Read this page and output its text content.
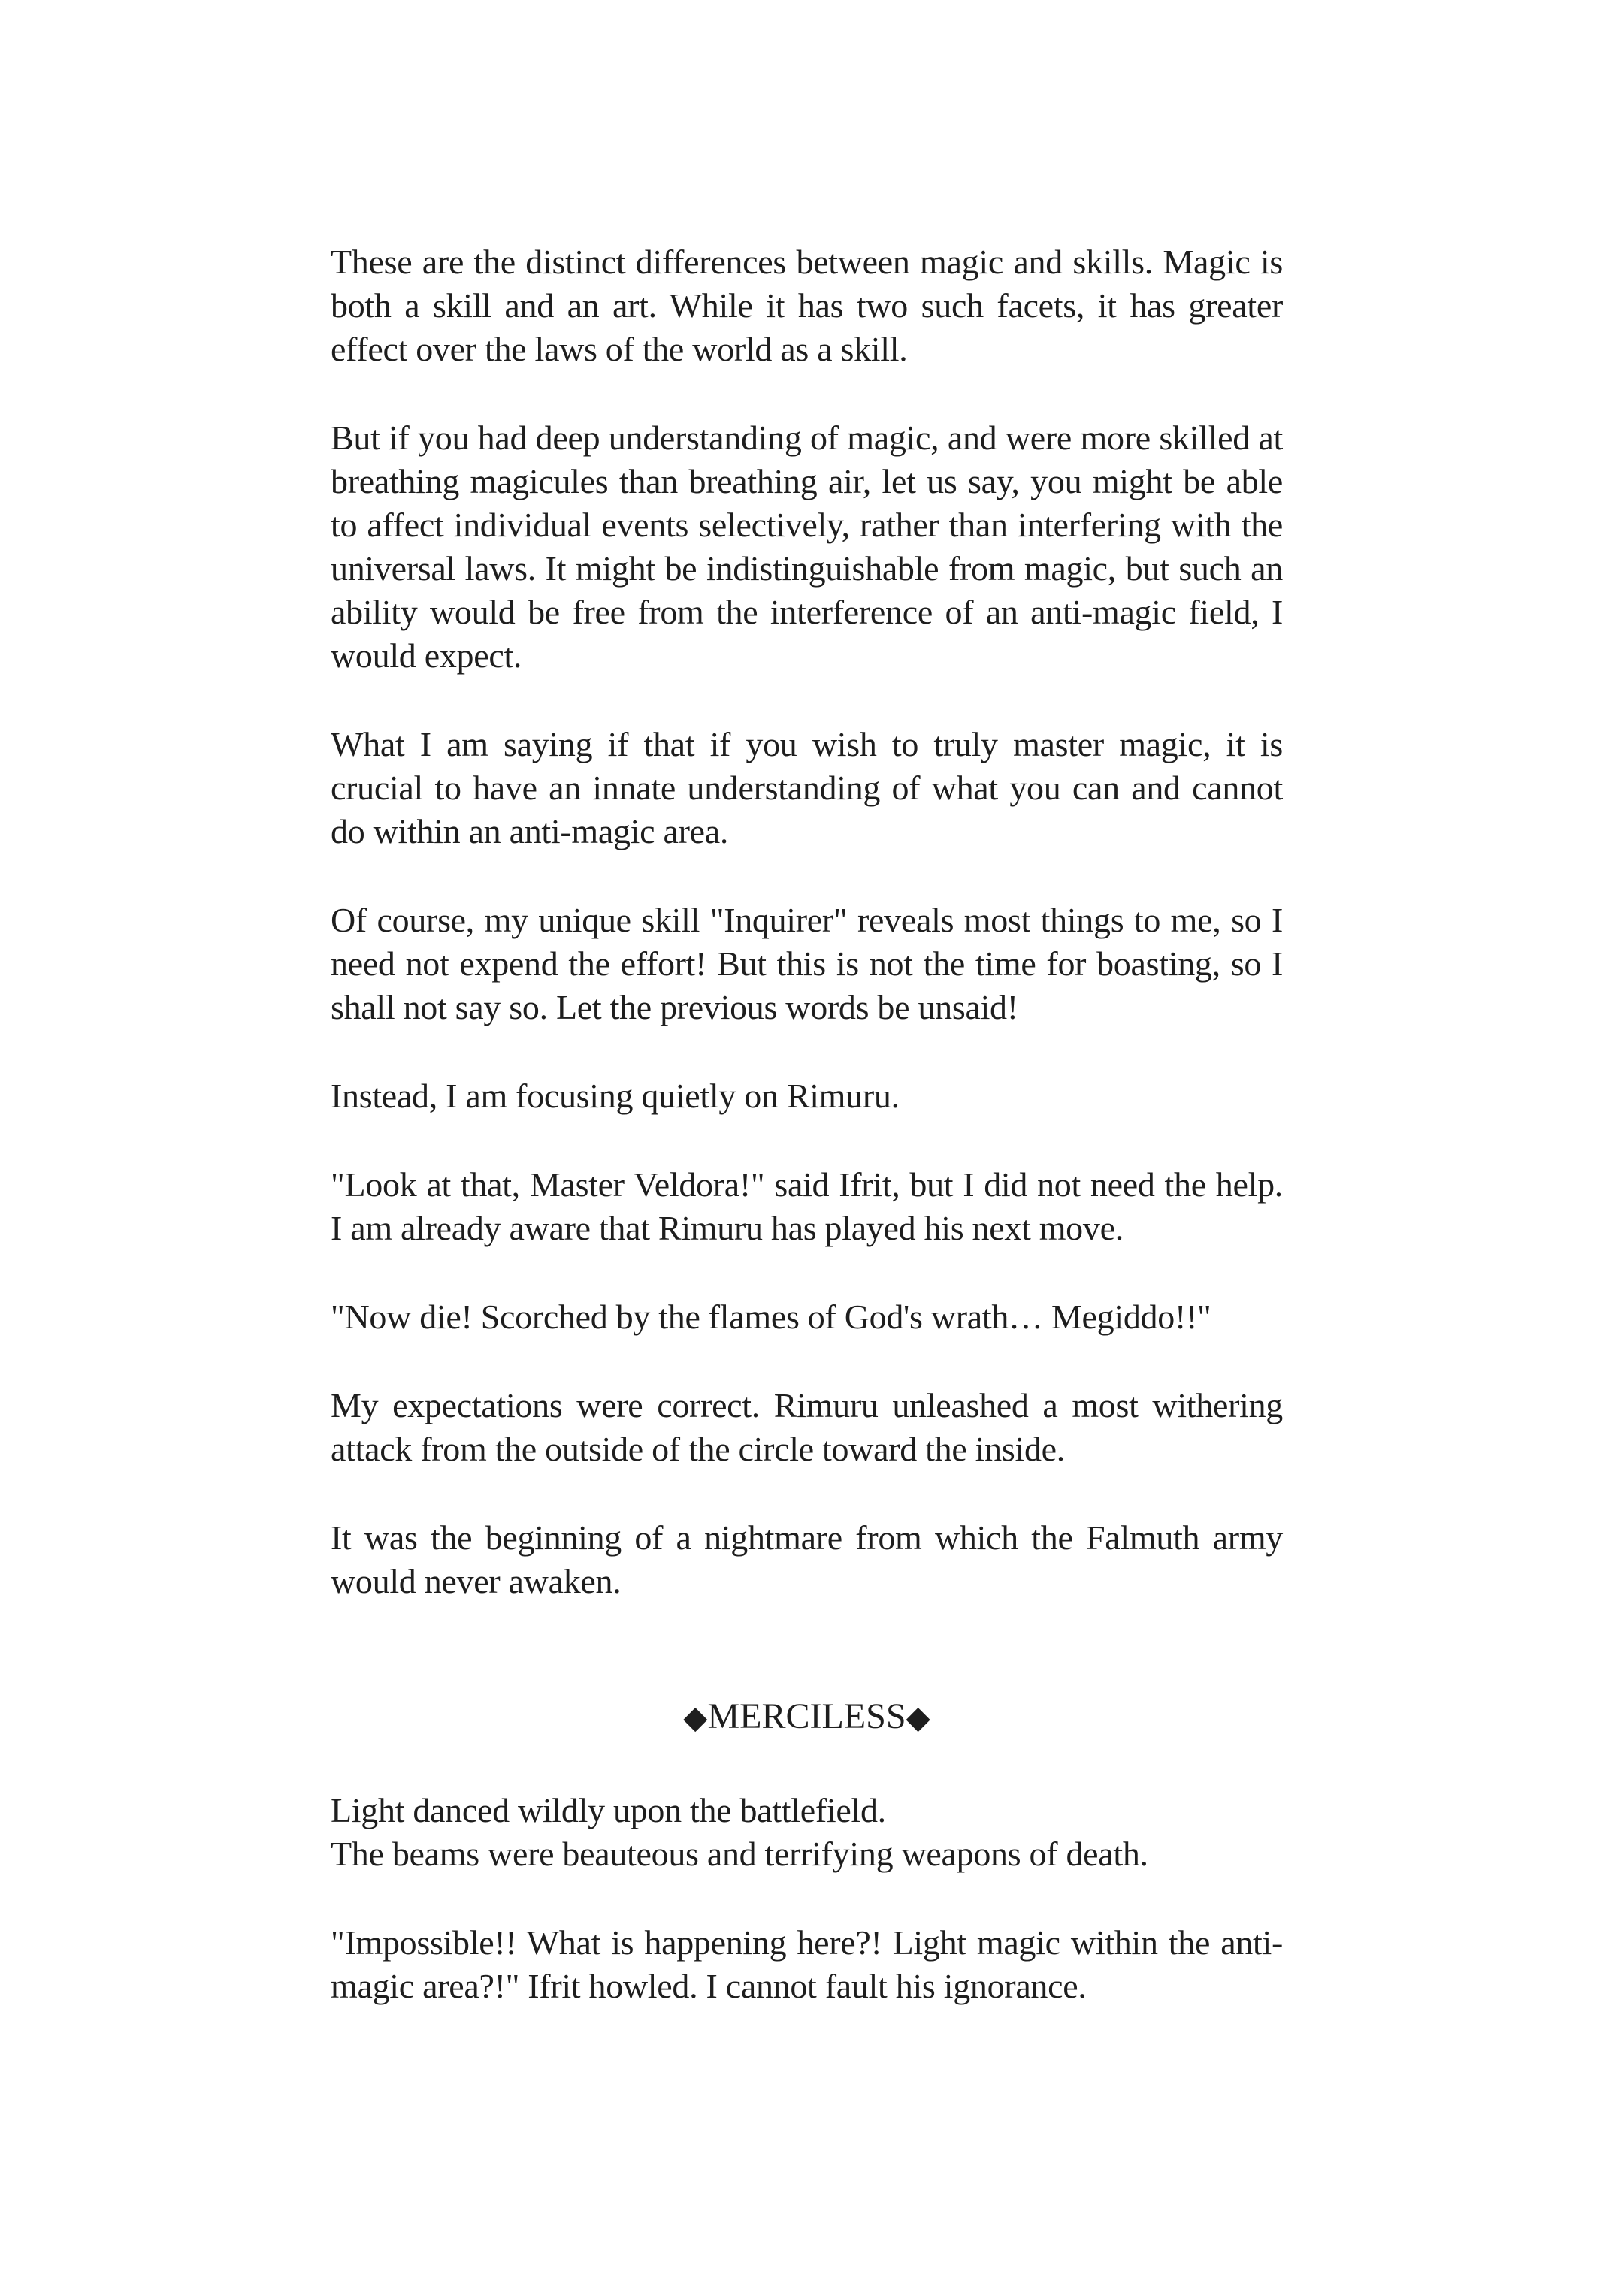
These are the distinct differences between magic and skills. Magic is both a skill and an art. While it has two such facets, it has greater effect over the laws of the world as a skill.

But if you had deep understanding of magic, and were more skilled at breathing magicules than breathing air, let us say, you might be able to affect individual events selectively, rather than interfering with the universal laws. It might be indistinguishable from magic, but such an ability would be free from the interference of an anti-magic field, I would expect.

What I am saying if that if you wish to truly master magic, it is crucial to have an innate understanding of what you can and cannot do within an anti-magic area.

Of course, my unique skill "Inquirer" reveals most things to me, so I need not expend the effort! But this is not the time for boasting, so I shall not say so. Let the previous words be unsaid!

Instead, I am focusing quietly on Rimuru.

"Look at that, Master Veldora!" said Ifrit, but I did not need the help. I am already aware that Rimuru has played his next move.

"Now die! Scorched by the flames of God's wrath… Megiddo!!"

My expectations were correct. Rimuru unleashed a most withering attack from the outside of the circle toward the inside.

It was the beginning of a nightmare from which the Falmuth army would never awaken.

◆MERCILESS◆

Light danced wildly upon the battlefield.
The beams were beauteous and terrifying weapons of death.

"Impossible!! What is happening here?! Light magic within the anti-magic area?!" Ifrit howled. I cannot fault his ignorance.
